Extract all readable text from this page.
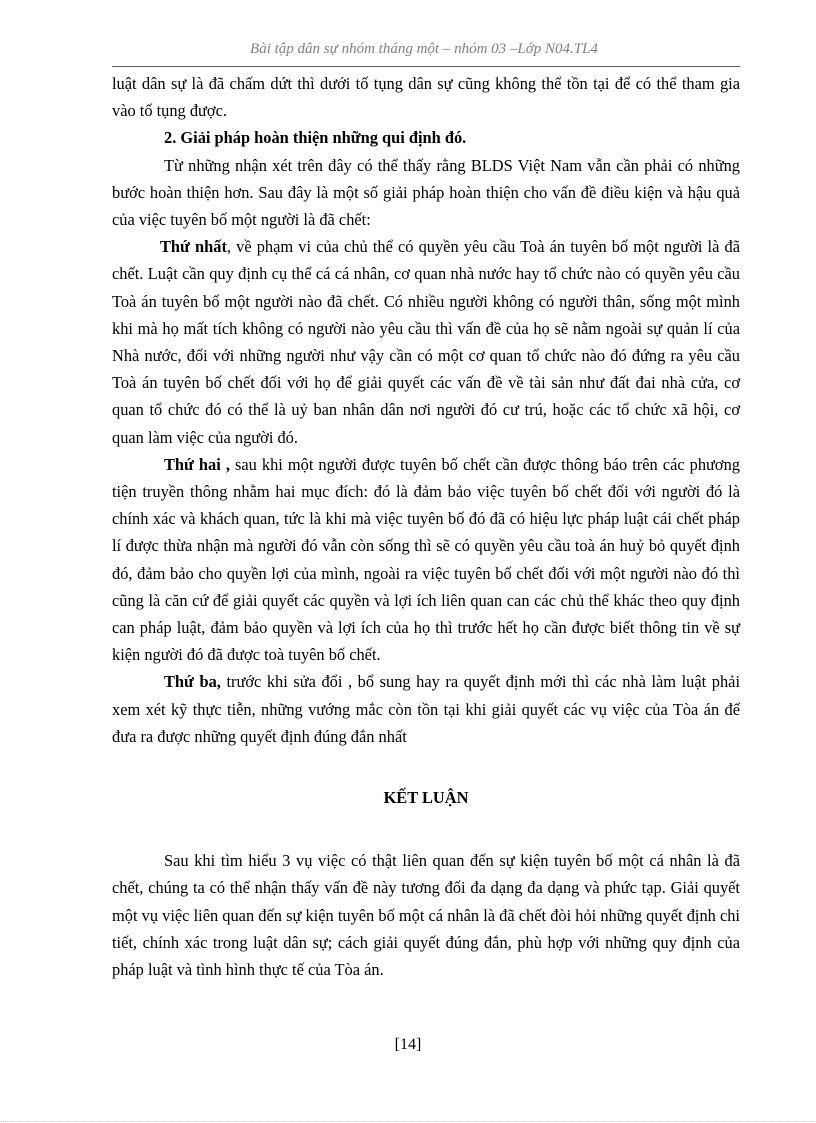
Bài tập dân sự nhóm tháng một – nhóm 03 –Lớp N04.TL4

luật dân sự là đã chấm dứt thì dưới tố tụng dân sự cũng không thể tồn tại để có thể tham gia vào tố tụng được.

2. Giải pháp hoàn thiện những qui định đó.

Từ những nhận xét trên đây có thể thấy rằng BLDS Việt Nam vẫn cần phải có những bước hoàn thiện hơn. Sau đây là một số giải pháp hoàn thiện cho vấn đề điều kiện và hậu quả của việc tuyên bố một người là đã chết:

Thứ nhất, về phạm vi của chủ thể có quyền yêu cầu Toà án tuyên bố một người là đã chết. Luật cần quy định cụ thể cá cá nhân, cơ quan nhà nước hay tổ chức nào có quyền yêu cầu Toà án tuyên bố một người nào đã chết. Có nhiều người không có người thân, sống một mình khi mà họ mất tích không có người nào yêu cầu thì vấn đề của họ sẽ nằm ngoài sự quản lí của Nhà nước, đối với những người như vậy cần có một cơ quan tổ chức nào đó đứng ra yêu cầu Toà án tuyên bố chết đối với họ để giải quyết các vấn đề về tài sản như đất đai nhà cửa, cơ quan tổ chức đó có thể là uỷ ban nhân dân nơi người đó cư trú, hoặc các tổ chức xã hội, cơ quan làm việc của người đó.

Thứ hai , sau khi một người được tuyên bố chết cần được thông báo trên các phương tiện truyền thông nhằm hai mục đích: đó là đảm bảo việc tuyên bố chết đối với người đó là chính xác và khách quan, tức là khi mà việc tuyên bố đó đã có hiệu lực pháp luật cái chết pháp lí được thừa nhận mà người đó vẫn còn sống thì sẽ có quyền yêu cầu toà án huỷ bỏ quyết định đó, đảm bảo cho quyền lợi của mình, ngoài ra việc tuyên bố chết đối với một người nào đó thì cũng là căn cứ để giải quyết các quyền và lợi ích liên quan can các chủ thể khác theo quy định can pháp luật, đảm bảo quyền và lợi ích của họ thì trước hết họ cần được biết thông tin về sự kiện người đó đã được toà tuyên bố chết.

Thứ ba, trước khi sửa đổi , bổ sung hay ra quyết định mới thì các nhà làm luật phải xem xét kỹ thực tiễn, những vướng mắc còn tồn tại khi giải quyết các vụ việc của Tòa án để đưa ra được những quyết định đúng đắn nhất

KẾT LUẬN

Sau khi tìm hiểu 3 vụ việc có thật liên quan đến sự kiện tuyên bố một cá nhân là đã chết, chúng ta có thể nhận thấy vấn đề này tương đối đa dạng đa dạng và phức tạp. Giải quyết một vụ việc liên quan đến sự kiện tuyên bố một cá nhân là đã chết đòi hỏi những quyết định chi tiết, chính xác trong luật dân sự; cách giải quyết đúng đắn, phù hợp với những quy định của pháp luật và tình hình thực tế của Tòa án.

[14]
